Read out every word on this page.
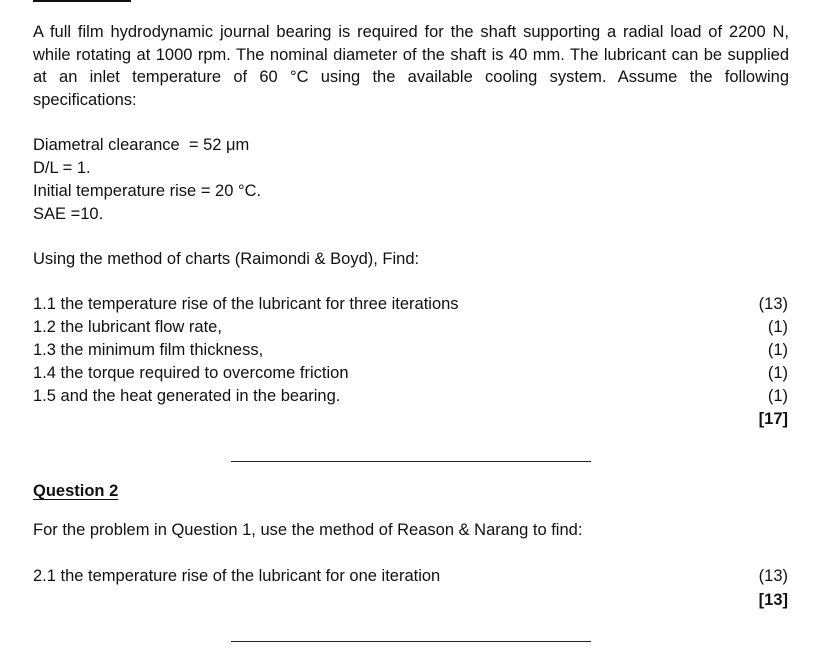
A full film hydrodynamic journal bearing is required for the shaft supporting a radial load of 2200 N, while rotating at 1000 rpm. The nominal diameter of the shaft is 40 mm. The lubricant can be supplied at an inlet temperature of 60 °C using the available cooling system. Assume the following specifications:

Diametral clearance  = 52 μm
D/L = 1.
Initial temperature rise = 20 °C.
SAE =10.
Using the method of charts (Raimondi & Boyd), Find:
1.1 the temperature rise of the lubricant for three iterations	(13)
1.2 the lubricant flow rate,	(1)
1.3 the minimum film thickness,	(1)
1.4 the torque required to overcome friction	(1)
1.5 and the heat generated in the bearing.	(1)
[17]
Question 2
For the problem in Question 1, use the method of Reason & Narang to find:
2.1 the temperature rise of the lubricant for one iteration	(13)
[13]
